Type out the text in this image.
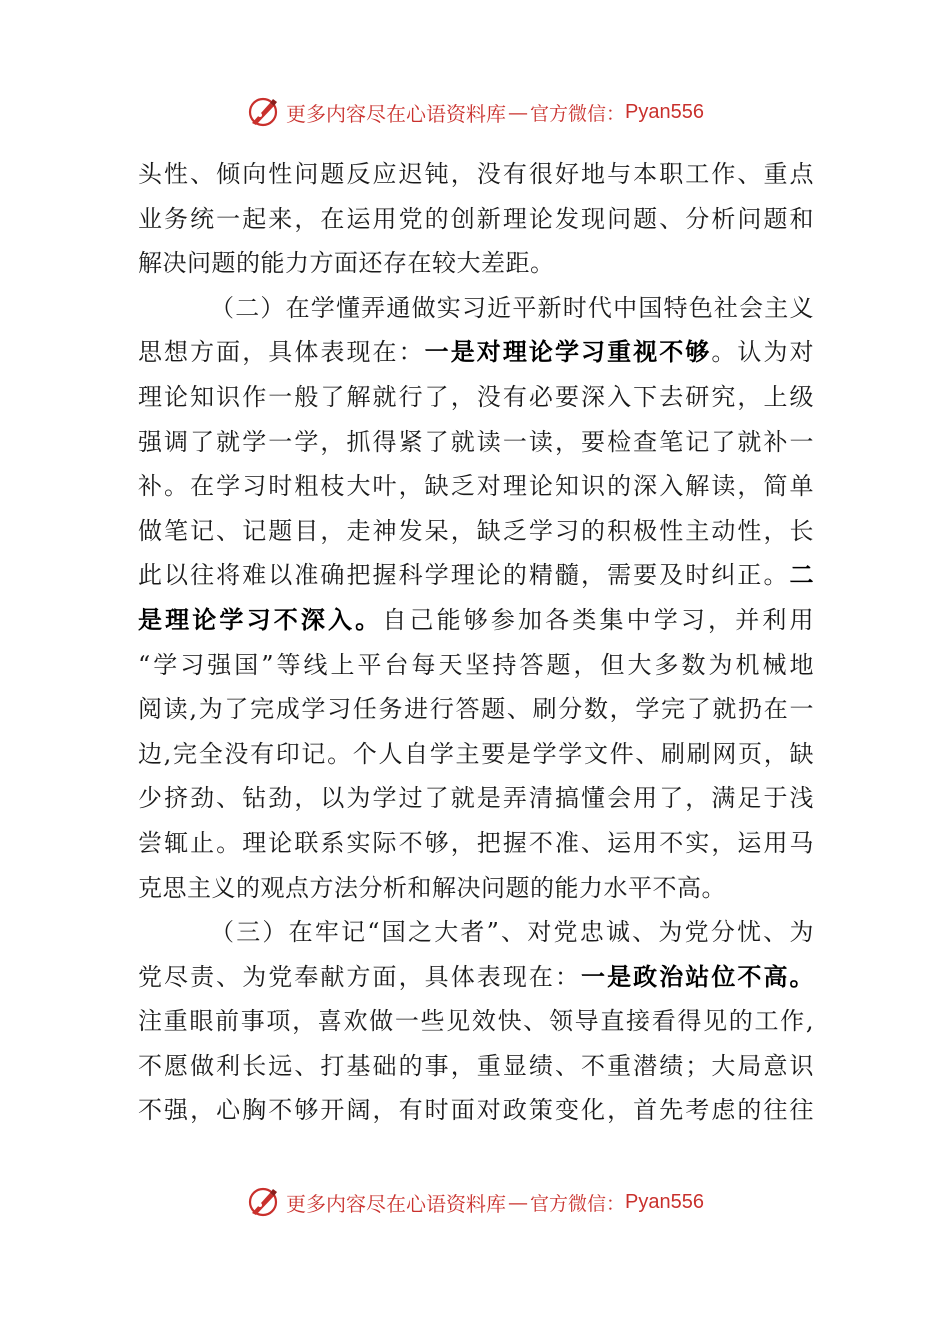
更多内容尽在心语资料库 — 官方微信： Pyan556
头性、倾向性问题反应迟钝，没有很好地与本职工作、重点
业务统一起来，在运用党的创新理论发现问题、分析问题和
解决问题的能力方面还存在较大差距。
（二）在学懂弄通做实习近平新时代中国特色社会主义
思想方面，具体表现在：一是对理论学习重视不够。认为对
理论知识作一般了解就行了，没有必要深入下去研究，上级
强调了就学一学，抓得紧了就读一读，要检查笔记了就补一
补。在学习时粗枝大叶，缺乏对理论知识的深入解读，简单
做笔记、记题目，走神发呆，缺乏学习的积极性主动性，长
此以往将难以准确把握科学理论的精髓，需要及时纠正。二
是理论学习不深入。自己能够参加各类集中学习，并利用
“学习强国”等线上平台每天坚持答题，但大多数为机械地
阅读,为了完成学习任务进行答题、刷分数，学完了就扔在一
边,完全没有印记。个人自学主要是学学文件、刷刷网页，缺
少挤劲、钻劲，以为学过了就是弄清搞懂会用了，满足于浅
尝辄止。理论联系实际不够，把握不准、运用不实，运用马
克思主义的观点方法分析和解决问题的能力水平不高。
（三）在牢记“国之大者”、对党忠诚、为党分忧、为
党尽责、为党奉献方面，具体表现在：一是政治站位不高。
注重眼前事项，喜欢做一些见效快、领导直接看得见的工作,
不愿做利长远、打基础的事，重显绩、不重潜绩；大局意识
不强，心胸不够开阔，有时面对政策变化，首先考虑的往往
更多内容尽在心语资料库 — 官方微信： Pyan556
